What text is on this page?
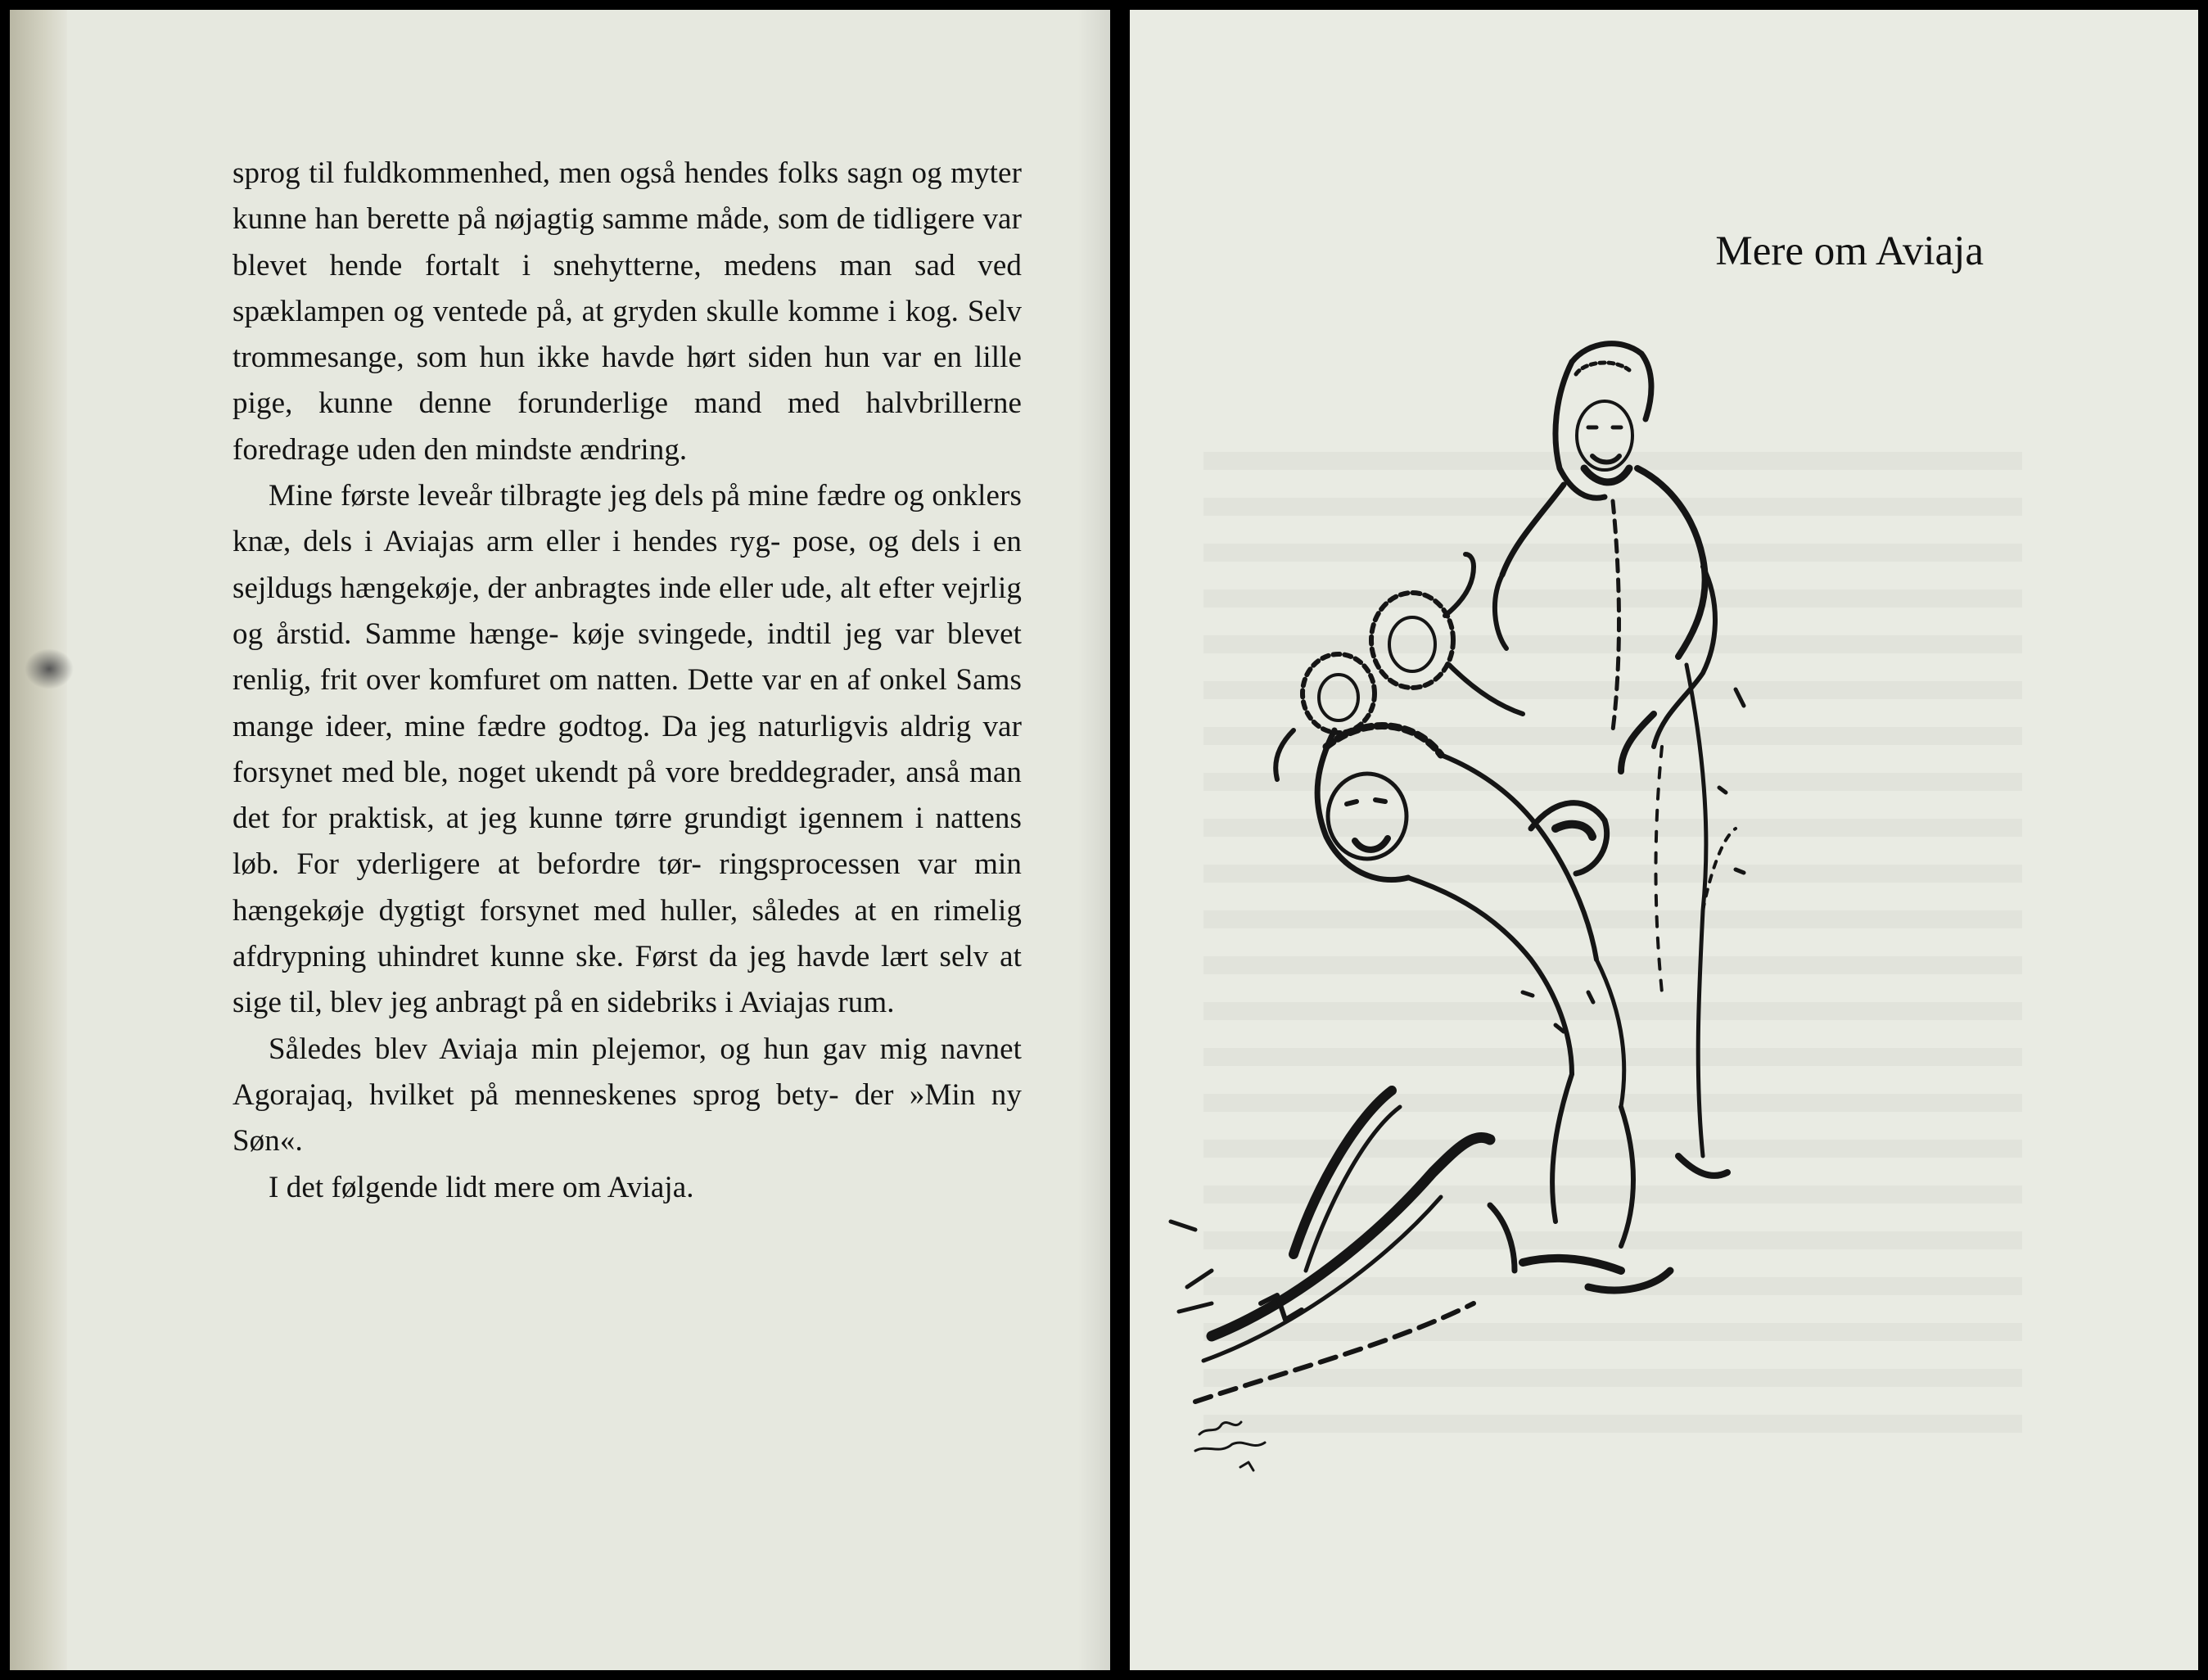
sprog til fuldkommenhed, men også hendes folks sagn og myter kunne han berette på nøjagtig samme måde, som de tidligere var blevet hende fortalt i snehytterne, medens man sad ved spæklampen og ventede på, at gryden skulle komme i kog. Selv trommesange, som hun ikke havde hørt siden hun var en lille pige, kunne denne forunderlige mand med halvbrillerne foredrage uden den mindste ændring.

Mine første leveår tilbragte jeg dels på mine fædre og onklers knæ, dels i Aviajas arm eller i hendes ryg- pose, og dels i en sejldugs hængekøje, der anbragtes inde eller ude, alt efter vejrlig og årstid. Samme hænge- køje svingede, indtil jeg var blevet renlig, frit over komfuret om natten. Dette var en af onkel Sams mange ideer, mine fædre godtog. Da jeg naturligvis aldrig var forsynet med ble, noget ukendt på vore breddegrader, anså man det for praktisk, at jeg kunne tørre grundigt igennem i nattens løb. For yderligere at befordre tør- ringsprocessen var min hængekøje dygtigt forsynet med huller, således at en rimelig afdrypning uhindret kunne ske. Først da jeg havde lært selv at sige til, blev jeg anbragt på en sidebriks i Aviajas rum.

Således blev Aviaja min plejemor, og hun gav mig navnet Agorajaq, hvilket på menneskenes sprog bety- der »Min ny Søn«.

I det følgende lidt mere om Aviaja.

Mere om Aviaja
